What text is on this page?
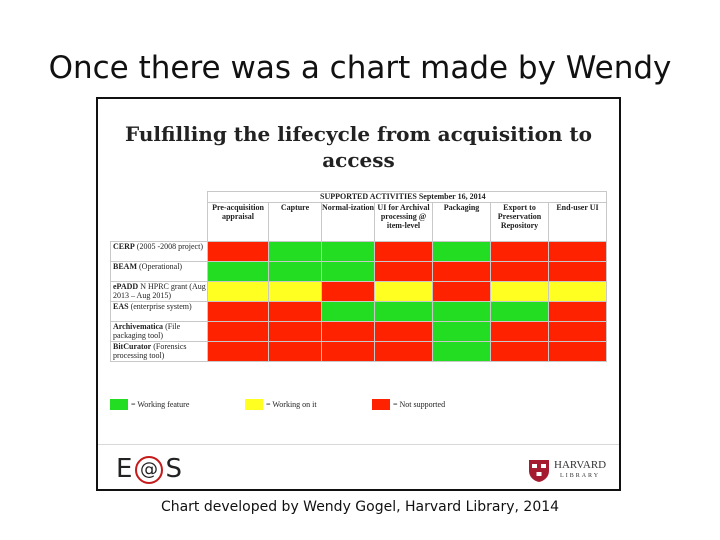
Once there was a chart made by Wendy
Fulfilling the lifecycle from acquisition to access
	SUPPORTED ACTIVITIES September 16, 2014						
	Pre-acquisition appraisal	Capture	Normal-ization	UI for Archival processing @ item-level	Packaging	Export to Preservation Repository	End-user UI
CERP (2005 -2008 project)							
BEAM (Operational)							
ePADD N HPRC grant (Aug 2013 – Aug 2015)							
EAS (enterprise system)							
Archivematica (File packaging tool)							
BitCurator (Forensics processing tool)							
= Working feature	= Working on it	= Not supported
E @ S	HARVARD
LIBRARY
Chart developed by Wendy Gogel, Harvard Library, 2014
